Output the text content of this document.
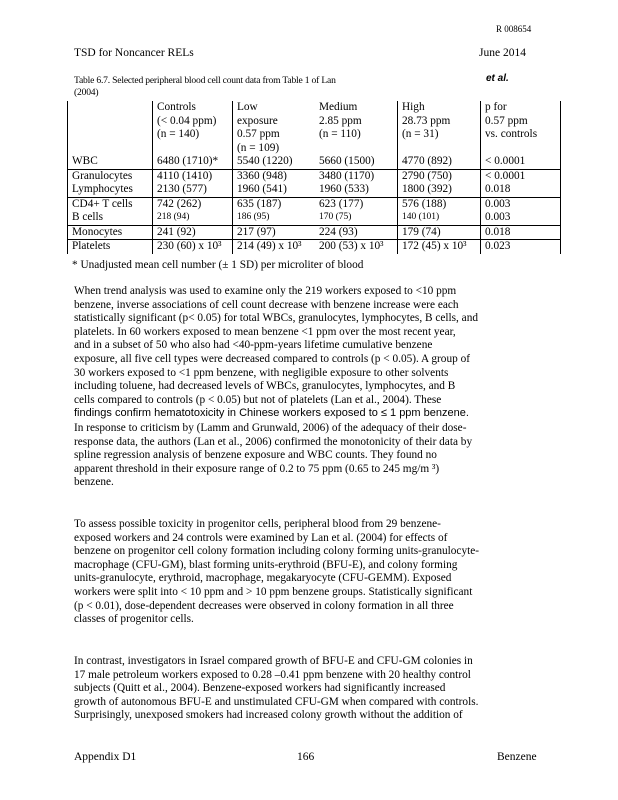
R 008654
TSD for Noncancer RELs	June 2014
Table 6.7. Selected peripheral blood cell count data from Table 1 of Lan
(2004)
et al.
	Controls	Low	Medium	High	p for
	(< 0.04 ppm)	exposure	2.85 ppm	28.73 ppm	0.57 ppm
	(n = 140)	0.57 ppm	(n = 110)	(n = 31)	vs. controls
		(n = 109)			
WBC	6480 (1710)*	5540 (1220)	5660 (1500)	4770 (892)	< 0.0001
Granulocytes	4110 (1410)	3360 (948)	3480 (1170)	2790 (750)	< 0.0001
Lymphocytes	2130 (577)	1960 (541)	1960 (533)	1800 (392)	0.018
CD4+ T cells	742 (262)	635 (187)	623 (177)	576 (188)	0.003
B cells	218 (94)	186 (95)	170 (75)	140 (101)	0.003
Monocytes	241 (92)	217 (97)	224 (93)	179 (74)	0.018
Platelets	230 (60) x 10³	214 (49) x 10³	200 (53) x 10³	172 (45) x 10³	0.023
* Unadjusted mean cell number (± 1 SD) per microliter of blood
When trend analysis was used to examine only the 219 workers exposed to <10 ppm
benzene, inverse associations of cell count decrease with benzene increase were each
statistically significant (p< 0.05) for total WBCs, granulocytes, lymphocytes, B cells, and
platelets. In 60 workers exposed to mean benzene <1 ppm over the most recent year,
and in a subset of 50 who also had <40-ppm-years lifetime cumulative benzene
exposure, all five cell types were decreased compared to controls (p < 0.05). A group of
30 workers exposed to <1 ppm benzene, with negligible exposure to other solvents
including toluene, had decreased levels of WBCs, granulocytes, lymphocytes, and B
cells compared to controls (p < 0.05) but not of platelets (Lan et al., 2004). These
findings confirm hematotoxicity in Chinese workers exposed to ≤ 1 ppm benzene.
In response to criticism by (Lamm and Grunwald, 2006) of the adequacy of their dose-
response data, the authors (Lan et al., 2006) confirmed the monotonicity of their data by
spline regression analysis of benzene exposure and WBC counts. They found no
apparent threshold in their exposure range of 0.2 to 75 ppm (0.65 to 245 mg/m ³)
benzene.
To assess possible toxicity in progenitor cells, peripheral blood from 29 benzene-
exposed workers and 24 controls were examined by Lan et al. (2004) for effects of
benzene on progenitor cell colony formation including colony forming units-granulocyte-
macrophage (CFU-GM), blast forming units-erythroid (BFU-E), and colony forming
units-granulocyte, erythroid, macrophage, megakaryocyte (CFU-GEMM). Exposed
workers were split into < 10 ppm and > 10 ppm benzene groups. Statistically significant
(p < 0.01), dose-dependent decreases were observed in colony formation in all three
classes of progenitor cells.
In contrast, investigators in Israel compared growth of BFU-E and CFU-GM colonies in
17 male petroleum workers exposed to 0.28 –0.41 ppm benzene with 20 healthy control
subjects (Quitt et al., 2004). Benzene-exposed workers had significantly increased
growth of autonomous BFU-E and unstimulated CFU-GM when compared with controls.
Surprisingly, unexposed smokers had increased colony growth without the addition of
Appendix D1	166	Benzene
